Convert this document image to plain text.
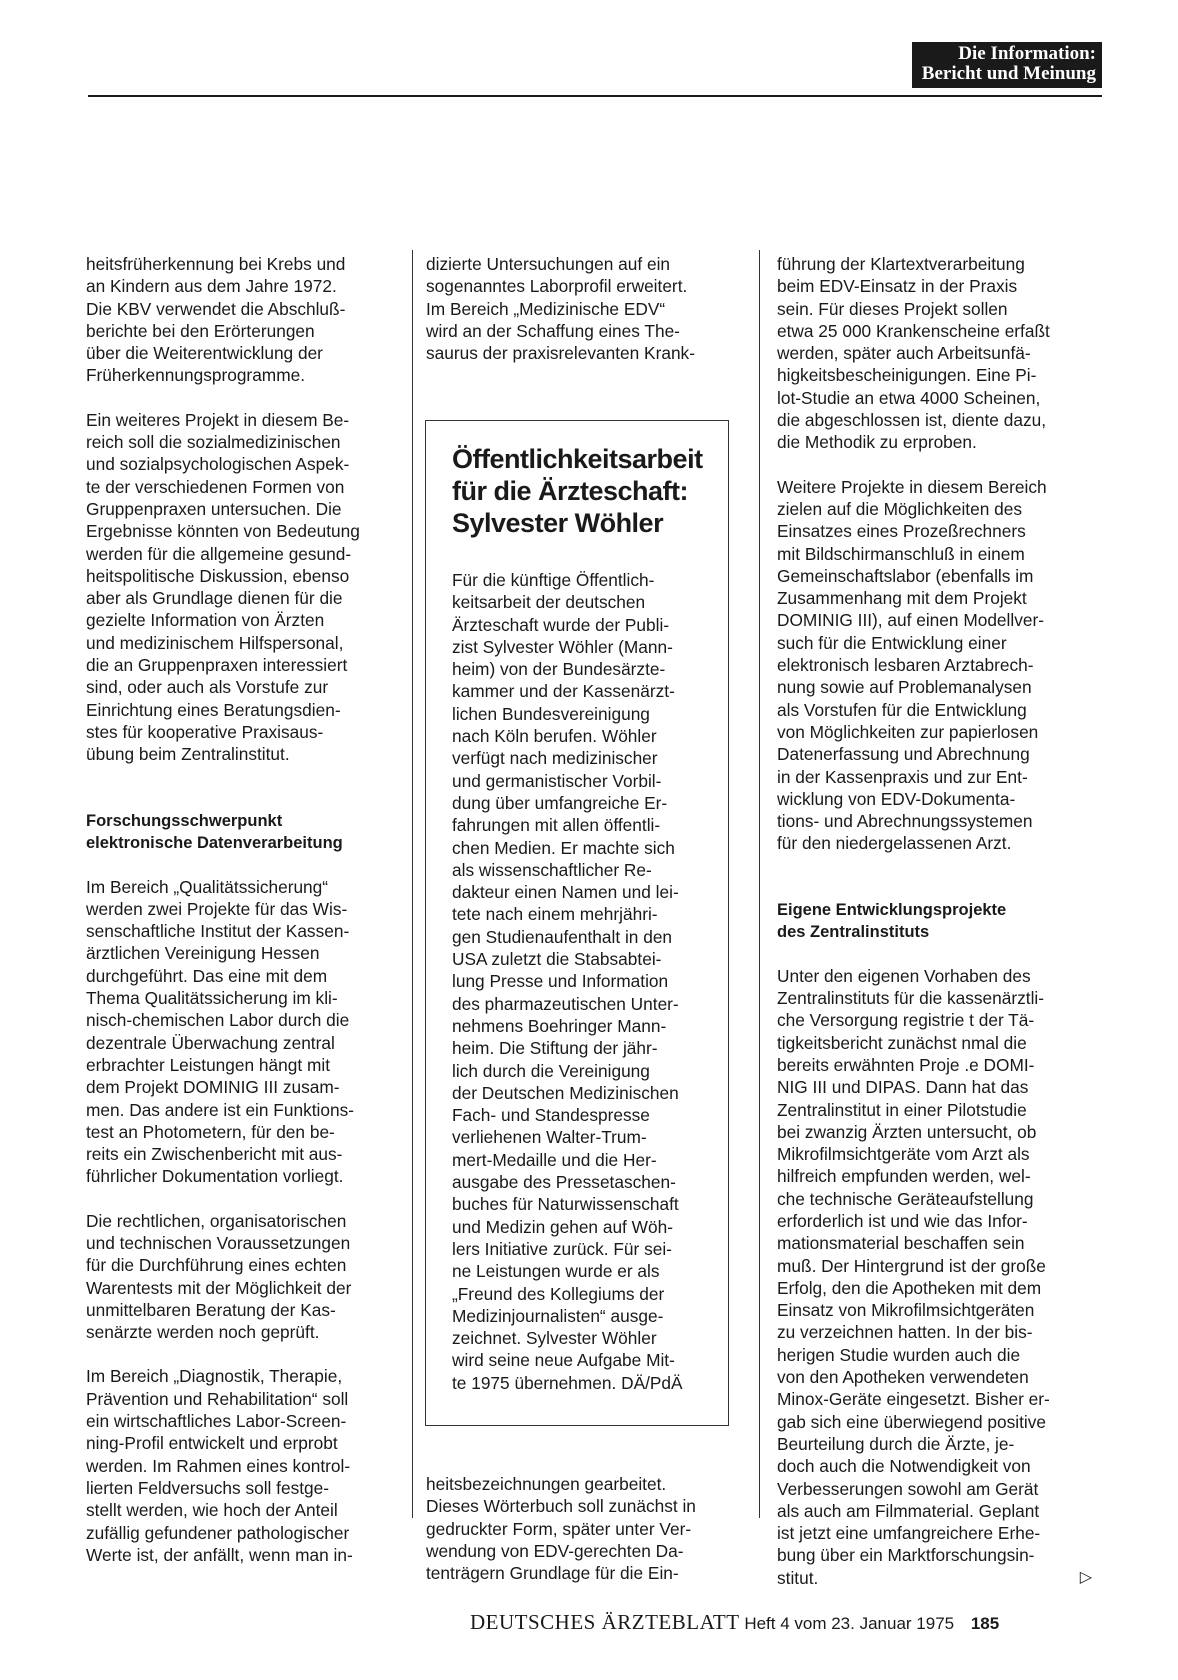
Die Information:
Bericht und Meinung
heitsfrüherkennung bei Krebs und
an Kindern aus dem Jahre 1972.
Die KBV verwendet die Abschluß-
berichte bei den Erörterungen
über die Weiterentwicklung der
Früherkennungsprogramme.
Ein weiteres Projekt in diesem Be-
reich soll die sozialmedizinischen
und sozialpsychologischen Aspek-
te der verschiedenen Formen von
Gruppenpraxen untersuchen. Die
Ergebnisse könnten von Bedeutung
werden für die allgemeine gesund-
heitspolitische Diskussion, ebenso
aber als Grundlage dienen für die
gezielte Information von Ärzten
und medizinischem Hilfspersonal,
die an Gruppenpraxen interessiert
sind, oder auch als Vorstufe zur
Einrichtung eines Beratungsdien-
stes für kooperative Praxisaus-
übung beim Zentralinstitut.
Forschungsschwerpunkt
elektronische Datenverarbeitung
Im Bereich „Qualitätssicherung“
werden zwei Projekte für das Wis-
senschaftliche Institut der Kassen-
ärztlichen Vereinigung Hessen
durchgeführt. Das eine mit dem
Thema Qualitätssicherung im kli-
nisch-chemischen Labor durch die
dezentrale Überwachung zentral
erbrachter Leistungen hängt mit
dem Projekt DOMINIG III zusam-
men. Das andere ist ein Funktions-
test an Photometern, für den be-
reits ein Zwischenbericht mit aus-
führlicher Dokumentation vorliegt.
Die rechtlichen, organisatorischen
und technischen Voraussetzungen
für die Durchführung eines echten
Warentests mit der Möglichkeit der
unmittelbaren Beratung der Kas-
senärzte werden noch geprüft.
Im Bereich „Diagnostik, Therapie,
Prävention und Rehabilitation“ soll
ein wirtschaftliches Labor-Screen-
ning-Profil entwickelt und erprobt
werden. Im Rahmen eines kontrol-
lierten Feldversuchs soll festge-
stellt werden, wie hoch der Anteil
zufällig gefundener pathologischer
Werte ist, der anfällt, wenn man in-
dizierte Untersuchungen auf ein
sogenanntes Laborprofil erweitert.
Im Bereich „Medizinische EDV“
wird an der Schaffung eines The-
saurus der praxisrelevanten Krank-
Öffentlichkeitsarbeit
für die Ärzteschaft:
Sylvester Wöhler
Für die künftige Öffentlich-
keitsarbeit der deutschen
Ärzteschaft wurde der Publi-
zist Sylvester Wöhler (Mann-
heim) von der Bundesärzte-
kammer und der Kassenärzt-
lichen Bundesvereinigung
nach Köln berufen. Wöhler
verfügt nach medizinischer
und germanistischer Vorbil-
dung über umfangreiche Er-
fahrungen mit allen öffentli-
chen Medien. Er machte sich
als wissenschaftlicher Re-
dakteur einen Namen und lei-
tete nach einem mehrjähri-
gen Studienaufenthalt in den
USA zuletzt die Stabsabtei-
lung Presse und Information
des pharmazeutischen Unter-
nehmens Boehringer Mann-
heim. Die Stiftung der jähr-
lich durch die Vereinigung
der Deutschen Medizinischen
Fach- und Standespresse
verliehenen Walter-Trum-
mert-Medaille und die Her-
ausgabe des Pressetaschen-
buches für Naturwissenschaft
und Medizin gehen auf Wöh-
lers Initiative zurück. Für sei-
ne Leistungen wurde er als
„Freund des Kollegiums der
Medizinjournalisten“ ausge-
zeichnet. Sylvester Wöhler
wird seine neue Aufgabe Mit-
te 1975 übernehmen. DÄ/PdÄ
heitsbezeichnungen gearbeitet.
Dieses Wörterbuch soll zunächst in
gedruckter Form, später unter Ver-
wendung von EDV-gerechten Da-
tenträgern Grundlage für die Ein-
führung der Klartextverarbeitung
beim EDV-Einsatz in der Praxis
sein. Für dieses Projekt sollen
etwa 25 000 Krankenscheine erfaßt
werden, später auch Arbeitsunfä-
higkeitsbescheinigungen. Eine Pi-
lot-Studie an etwa 4000 Scheinen,
die abgeschlossen ist, diente dazu,
die Methodik zu erproben.
Weitere Projekte in diesem Bereich
zielen auf die Möglichkeiten des
Einsatzes eines Prozeßrechners
mit Bildschirmanschluß in einem
Gemeinschaftslabor (ebenfalls im
Zusammenhang mit dem Projekt
DOMINIG III), auf einen Modellver-
such für die Entwicklung einer
elektronisch lesbaren Arztabrech-
nung sowie auf Problemanalysen
als Vorstufen für die Entwicklung
von Möglichkeiten zur papierlosen
Datenerfassung und Abrechnung
in der Kassenpraxis und zur Ent-
wicklung von EDV-Dokumenta-
tions- und Abrechnungssystemen
für den niedergelassenen Arzt.
Eigene Entwicklungsprojekte
des Zentralinstituts
Unter den eigenen Vorhaben des
Zentralinstituts für die kassenärztli-
che Versorgung registrie t der Tä-
tigkeitsbericht zunächst nmal die
bereits erwähnten Proje .e DOMI-
NIG III und DIPAS. Dann hat das
Zentralinstitut in einer Pilotstudie
bei zwanzig Ärzten untersucht, ob
Mikrofilmsichtgeräte vom Arzt als
hilfreich empfunden werden, wel-
che technische Geräteaufstellung
erforderlich ist und wie das Infor-
mationsmaterial beschaffen sein
muß. Der Hintergrund ist der große
Erfolg, den die Apotheken mit dem
Einsatz von Mikrofilmsichtgeräten
zu verzeichnen hatten. In der bis-
herigen Studie wurden auch die
von den Apotheken verwendeten
Minox-Geräte eingesetzt. Bisher er-
gab sich eine überwiegend positive
Beurteilung durch die Ärzte, je-
doch auch die Notwendigkeit von
Verbesserungen sowohl am Gerät
als auch am Filmmaterial. Geplant
ist jetzt eine umfangreichere Erhe-
bung über ein Marktforschungsin-
stitut.	▷
DEUTSCHES ÄRZTEBLATT Heft 4 vom 23. Januar 1975 185
